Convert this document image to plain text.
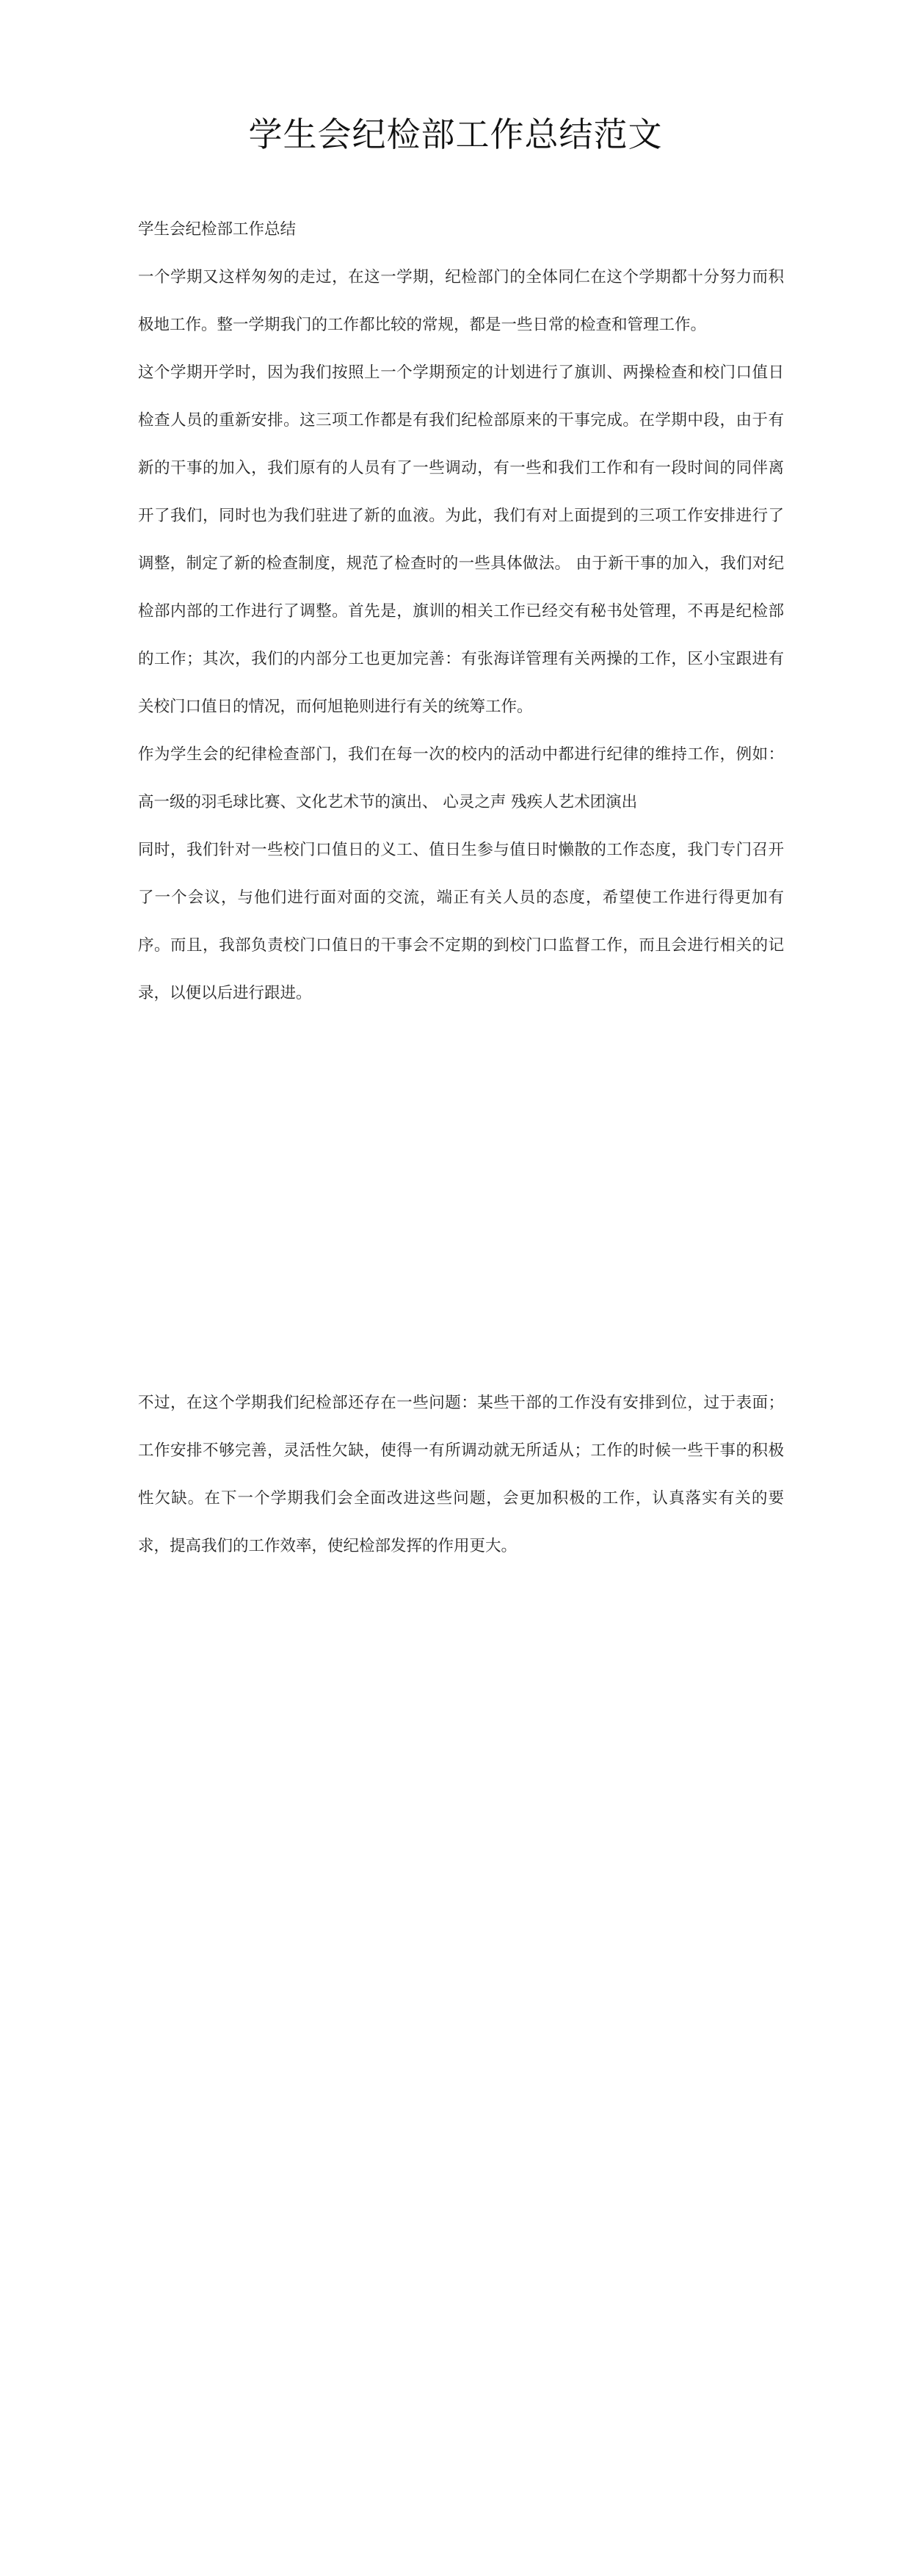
学生会纪检部工作总结范文

学生会纪检部工作总结

一个学期又这样匆匆的走过，在这一学期，纪检部门的全体同仁在这个学期都十分努力而积极地工作。整一学期我门的工作都比较的常规，都是一些日常的检查和管理工作。

这个学期开学时，因为我们按照上一个学期预定的计划进行了旗训、两操检查和校门口值日检查人员的重新安排。这三项工作都是有我们纪检部原来的干事完成。在学期中段，由于有新的干事的加入，我们原有的人员有了一些调动，有一些和我们工作和有一段时间的同伴离开了我们，同时也为我们驻进了新的血液。为此，我们有对上面提到的三项工作安排进行了调整，制定了新的检查制度，规范了检查时的一些具体做法。 由于新干事的加入，我们对纪检部内部的工作进行了调整。首先是，旗训的相关工作已经交有秘书处管理，不再是纪检部的工作；其次，我们的内部分工也更加完善：有张海详管理有关两操的工作，区小宝跟进有关校门口值日的情况，而何旭艳则进行有关的统筹工作。

作为学生会的纪律检查部门，我们在每一次的校内的活动中都进行纪律的维持工作，例如：高一级的羽毛球比赛、文化艺术节的演出、 心灵之声 残疾人艺术团演出

同时，我们针对一些校门口值日的义工、值日生参与值日时懒散的工作态度，我门专门召开了一个会议，与他们进行面对面的交流，端正有关人员的态度，希望使工作进行得更加有序。而且，我部负责校门口值日的干事会不定期的到校门口监督工作，而且会进行相关的记录，以便以后进行跟进。

不过，在这个学期我们纪检部还存在一些问题：某些干部的工作没有安排到位，过于表面；工作安排不够完善，灵活性欠缺，使得一有所调动就无所适从；工作的时候一些干事的积极性欠缺。在下一个学期我们会全面改进这些问题，会更加积极的工作，认真落实有关的要求，提高我们的工作效率，使纪检部发挥的作用更大。
